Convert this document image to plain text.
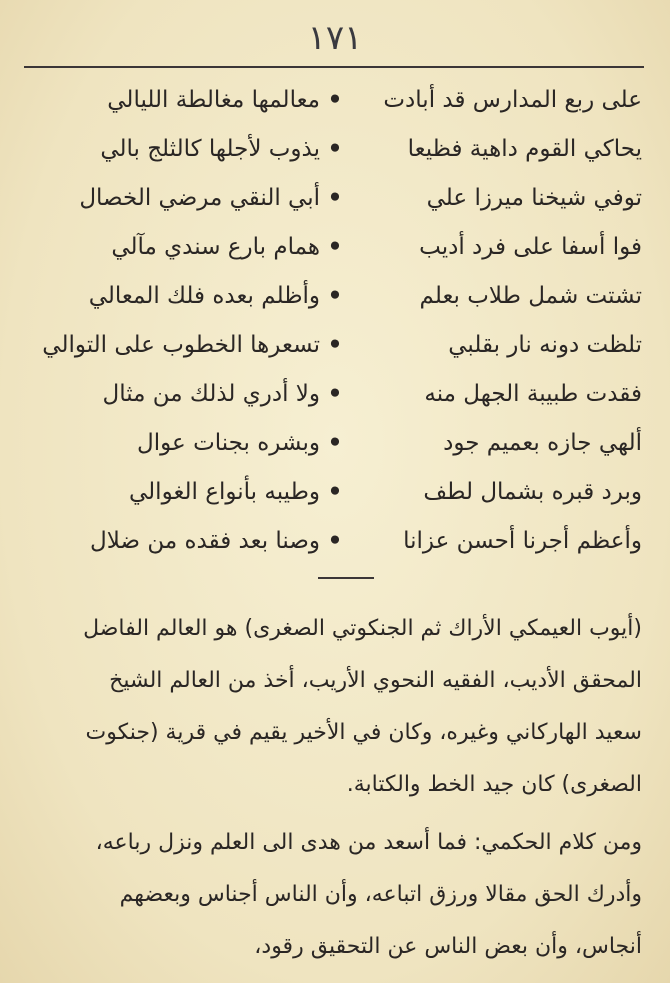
١٧١
على ربع المدارس قد أبادت
•
معالمها مغالطة الليالي
يحاكي القوم داهية فظيعا
•
يذوب لأجلها كالثلج بالي
توفي شيخنا ميرزا علي
•
أبي النقي مرضي الخصال
فوا أسفا على فرد أديب
•
همام بارع سندي مآلي
تشتت شمل طلاب بعلم
•
وأظلم بعده فلك المعالي
تلظت دونه نار بقلبي
•
تسعرها الخطوب على التوالي
فقدت طبيبة الجهل منه
•
ولا أدري لذلك من مثال
ألهي جازه بعميم جود
•
وبشره بجنات عوال
وبرد قبره بشمال لطف
•
وطيبه بأنواع الغوالي
وأعظم أجرنا أحسن عزانا
•
وصنا بعد فقده من ضلال
(أيوب العيمكي الأراك ثم الجنكوتي الصغرى) هو العالم الفاضل
المحقق الأديب، الفقيه النحوي الأريب، أخذ من العالم الشيخ
سعيد الهاركاني وغيره، وكان في الأخير يقيم في قرية (جنكوت
الصغرى) كان جيد الخط والكتابة.
ومن كلام الحكمي: فما أسعد من هدى الى العلم ونزل رباعه،
وأدرك الحق مقالا ورزق اتباعه، وأن الناس أجناس وبعضهم
أنجاس، وأن بعض الناس عن التحقيق رقود،
